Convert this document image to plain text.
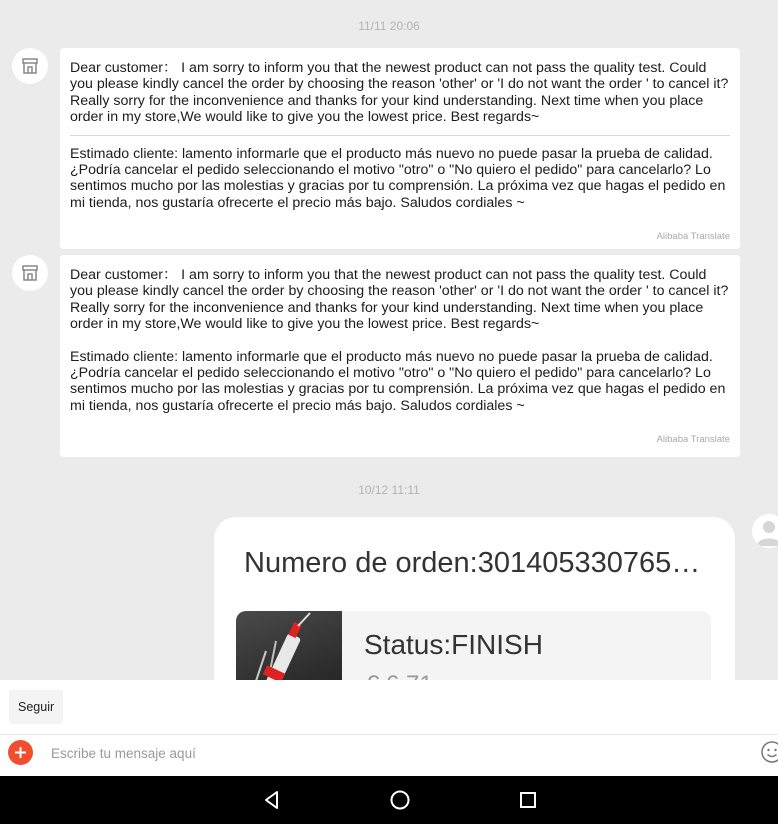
11/11 20:06

Dear customer： I am sorry to inform you that the newest product can not pass the quality test. Could you please kindly cancel the order by choosing the reason 'other' or 'I do not want the order ' to cancel it? Really sorry for the inconvenience and thanks for your kind understanding. Next time when you place order in my store,We would like to give you the lowest price. Best regards~

Estimado cliente: lamento informarle que el producto más nuevo no puede pasar la prueba de calidad. ¿Podría cancelar el pedido seleccionando el motivo "otro" o "No quiero el pedido" para cancelarlo? Lo sentimos mucho por las molestias y gracias por tu comprensión. La próxima vez que hagas el pedido en mi tienda, nos gustaría ofrecerte el precio más bajo. Saludos cordiales ~

Alibaba Translate

Dear customer： I am sorry to inform you that the newest product can not pass the quality test. Could you please kindly cancel the order by choosing the reason 'other' or 'I do not want the order ' to cancel it? Really sorry for the inconvenience and thanks for your kind understanding. Next time when you place order in my store,We would like to give you the lowest price. Best regards~

Estimado cliente: lamento informarle que el producto más nuevo no puede pasar la prueba de calidad. ¿Podría cancelar el pedido seleccionando el motivo "otro" o "No quiero el pedido" para cancelarlo? Lo sentimos mucho por las molestias y gracias por tu comprensión. La próxima vez que hagas el pedido en mi tienda, nos gustaría ofrecerte el precio más bajo. Saludos cordiales ~

Alibaba Translate
10/12 11:11
Numero de orden:301405330765…
Status:FINISH
Seguir
Escribe tu mensaje aquí
